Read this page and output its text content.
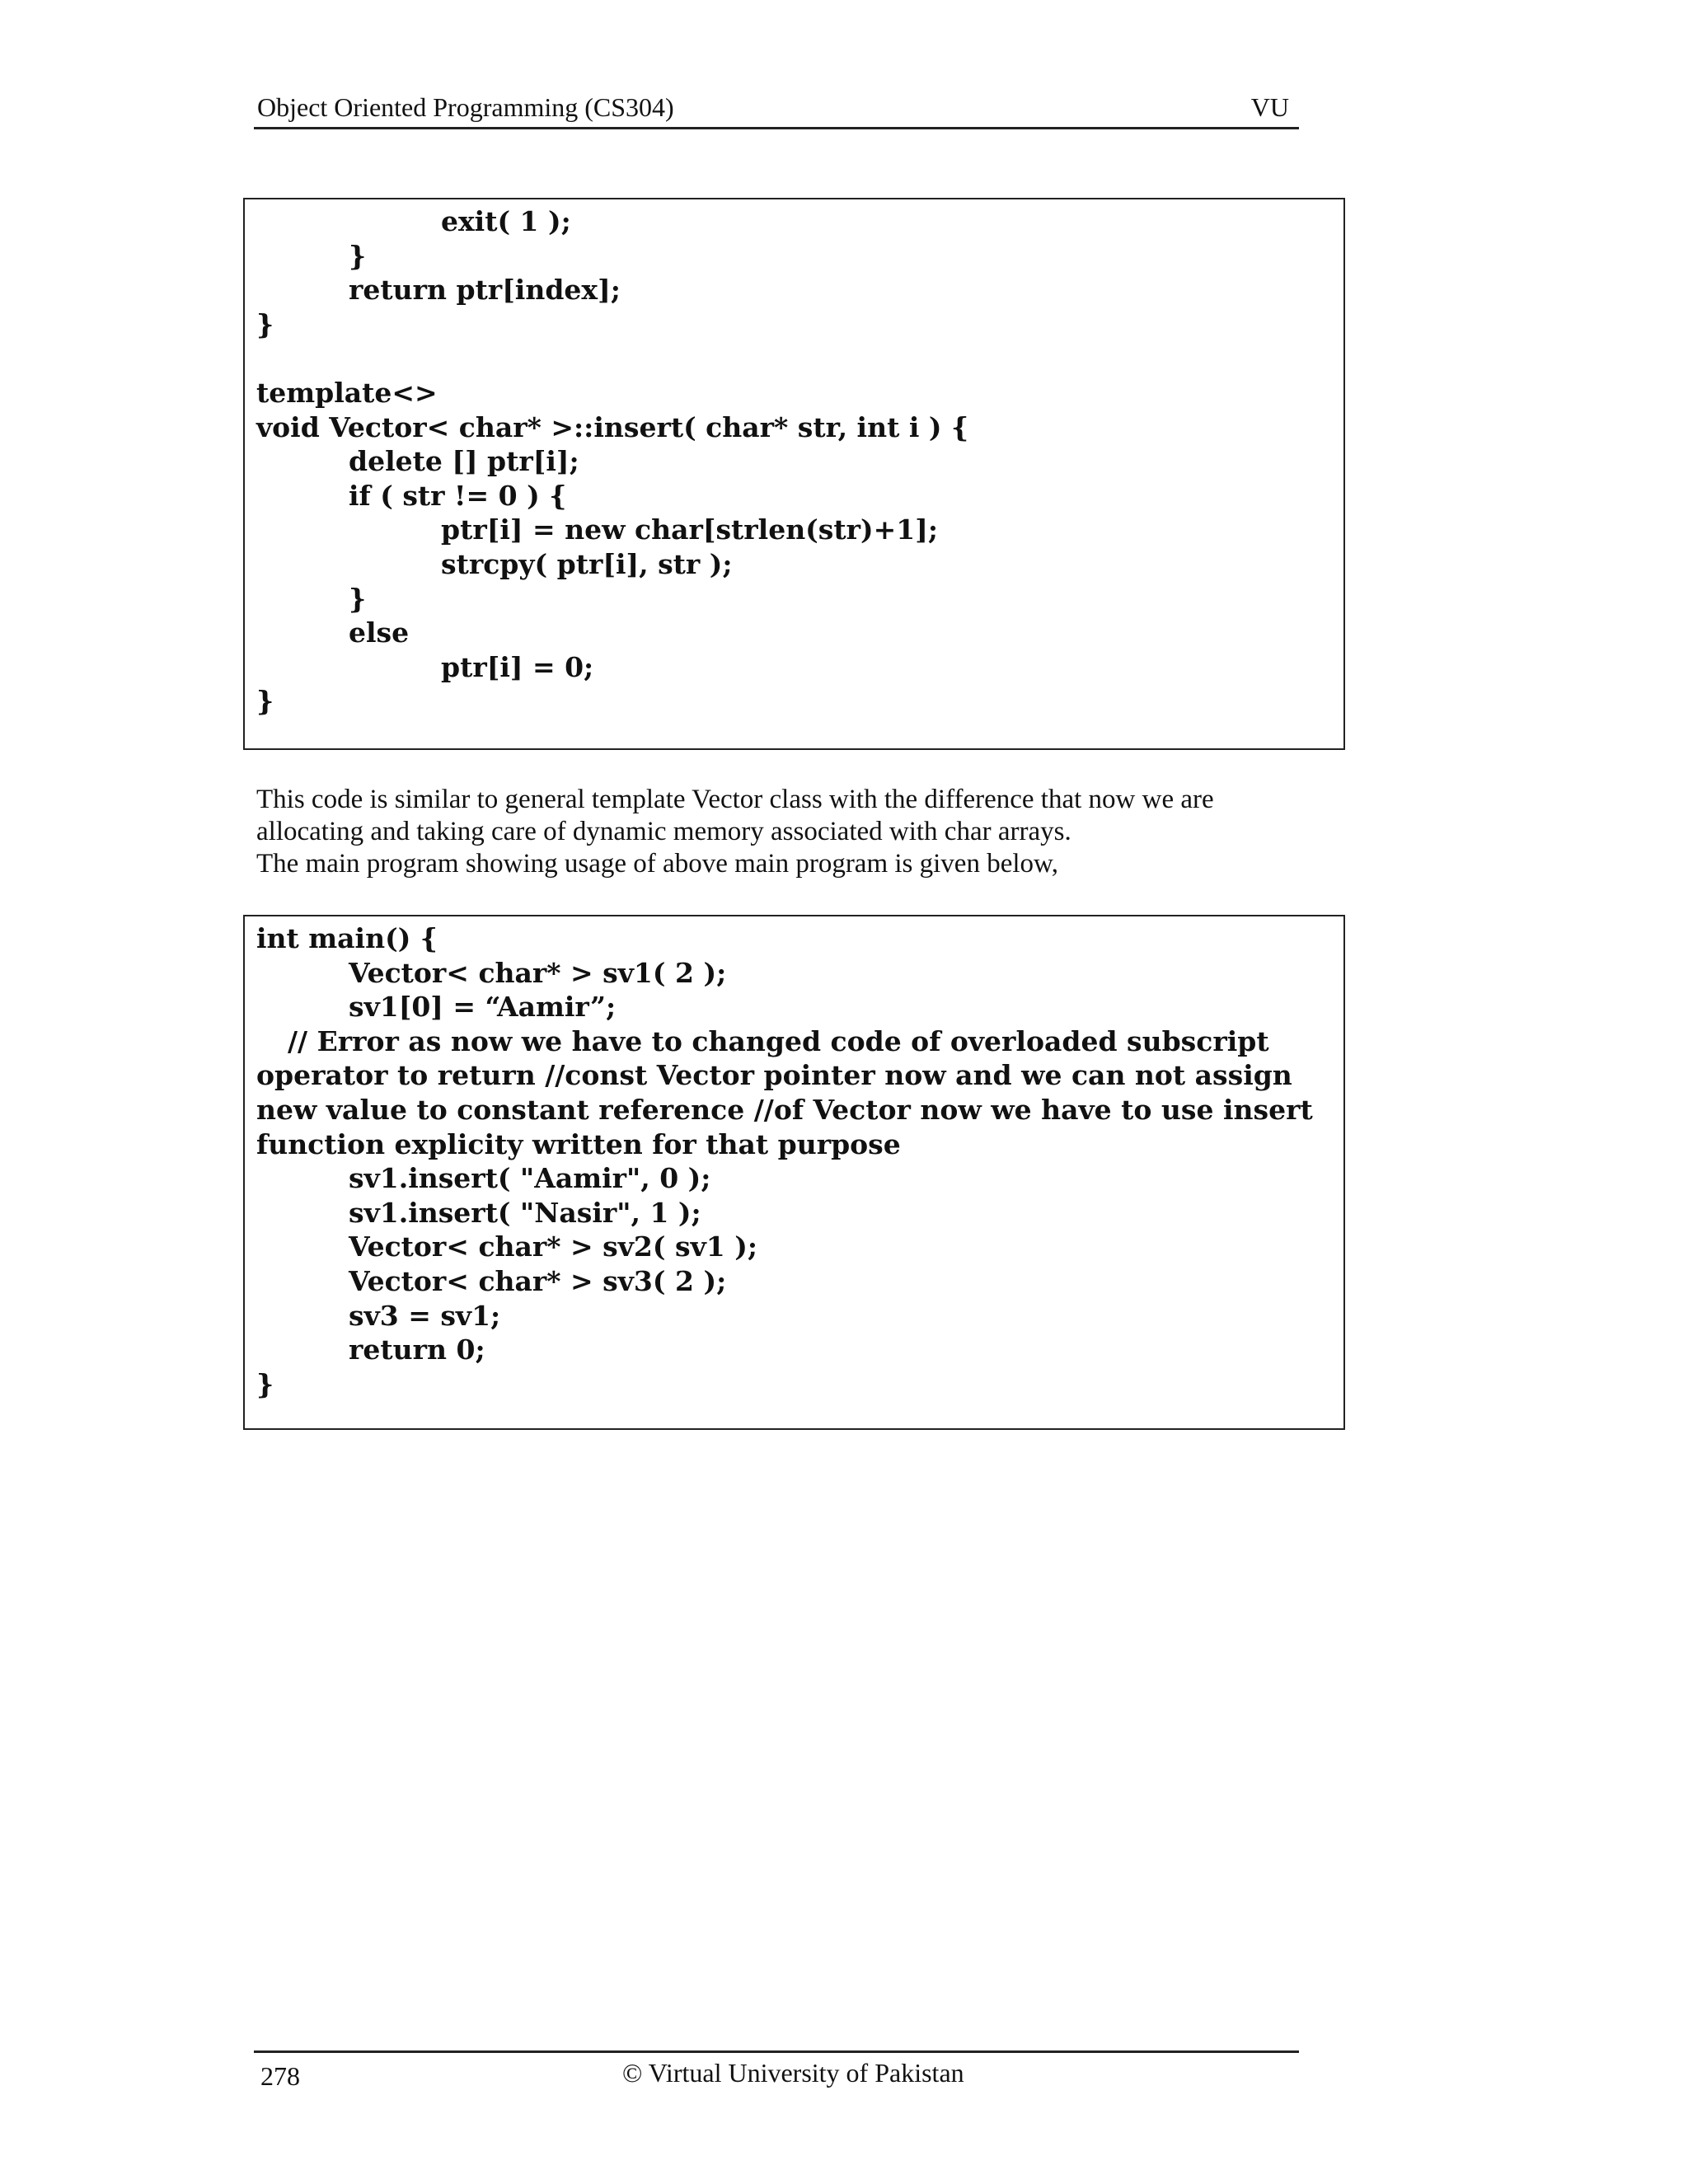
Object Oriented Programming (CS304)	VU
exit( 1 );
}
return ptr[index];
}
template<>
void Vector< char* >::insert( char* str, int i ) {
delete [] ptr[i];
if ( str != 0 ) {
ptr[i] = new char[strlen(str)+1];
strcpy( ptr[i], str );
}
else
ptr[i] = 0;
}
This code is similar to general template Vector class with the difference that now we are
allocating and taking care of dynamic memory associated with char arrays.
The main program showing usage of above main program is given below,
int main() {
Vector< char* > sv1( 2 );
sv1[0] = “Aamir”;
// Error as now we have to changed code of overloaded subscript operator to return //const Vector pointer now and we can not assign new value to constant reference //of Vector now we have to use insert function explicity written for that purpose
sv1.insert( "Aamir", 0 );
sv1.insert( "Nasir", 1 );
Vector< char* > sv2( sv1 );
Vector< char* > sv3( 2 );
sv3 = sv1;
return 0;
}
278	© Virtual University of Pakistan
